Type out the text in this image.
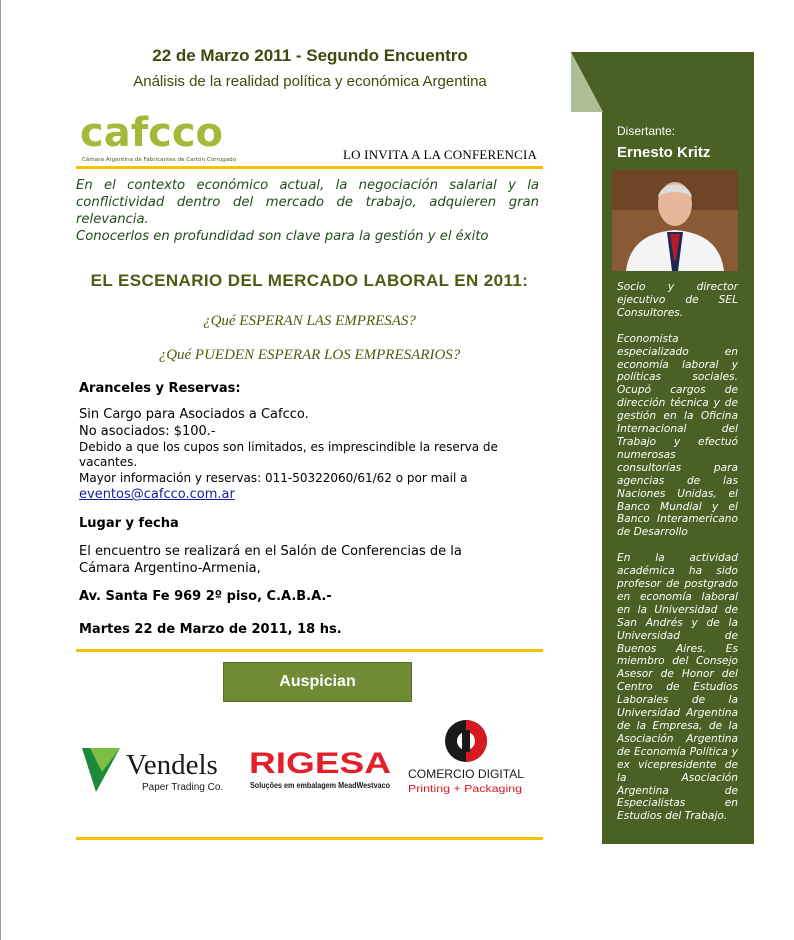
22 de Marzo 2011 - Segundo Encuentro
Análisis de la realidad política y económica Argentina
cafcco
Cámara Argentina de Fabricantes de Cartón Corrugado	LO INVITA A LA CONFERENCIA

En el contexto económico actual, la negociación salarial y la conflictividad dentro del mercado de trabajo, adquieren gran relevancia.

Conocerlos en profundidad son clave para la gestión y el éxito

EL ESCENARIO DEL MERCADO LABORAL EN 2011:
¿Qué ESPERAN LAS EMPRESAS?
¿Qué PUEDEN ESPERAR LOS EMPRESARIOS?
Aranceles y Reservas:
Sin Cargo para Asociados a Cafcco.
No asociados: $100.-
Debido a que los cupos son limitados, es imprescindible la reserva de vacantes.
Mayor información y reservas: 011-50322060/61/62 o por mail a
eventos@cafcco.com.ar
Lugar y fecha
El encuentro se realizará en el Salón de Conferencias de la Cámara Argentino-Armenia,
Av. Santa Fe 969 2º piso, C.A.B.A.-
Martes 22 de Marzo de 2011, 18 hs.
Auspician
Vendels
Paper Trading Co.
RIGESA
Soluções em embalagem MeadWestvaco
COMERCIO DIGITAL
Printing + Packaging
Disertante:
Ernesto Kritz

Socio y director ejecutivo de SEL Consultores.

Economista especializado en economía laboral y políticas sociales. Ocupó cargos de dirección técnica y de gestión en la Oficina Internacional del Trabajo y efectuó numerosas consultorías para agencias de las Naciones Unidas, el Banco Mundial y el Banco Interamericano de Desarrollo

En la actividad académica ha sido profesor de postgrado en economía laboral en la Universidad de San Andrés y de la Universidad de Buenos Aires. Es miembro del Consejo Asesor de Honor del Centro de Estudios Laborales de la Universidad Argentina de la Empresa, de la Asociación Argentina de Economía Política y ex vicepresidente de la Asociación Argentina de Especialistas en Estudios del Trabajo.
